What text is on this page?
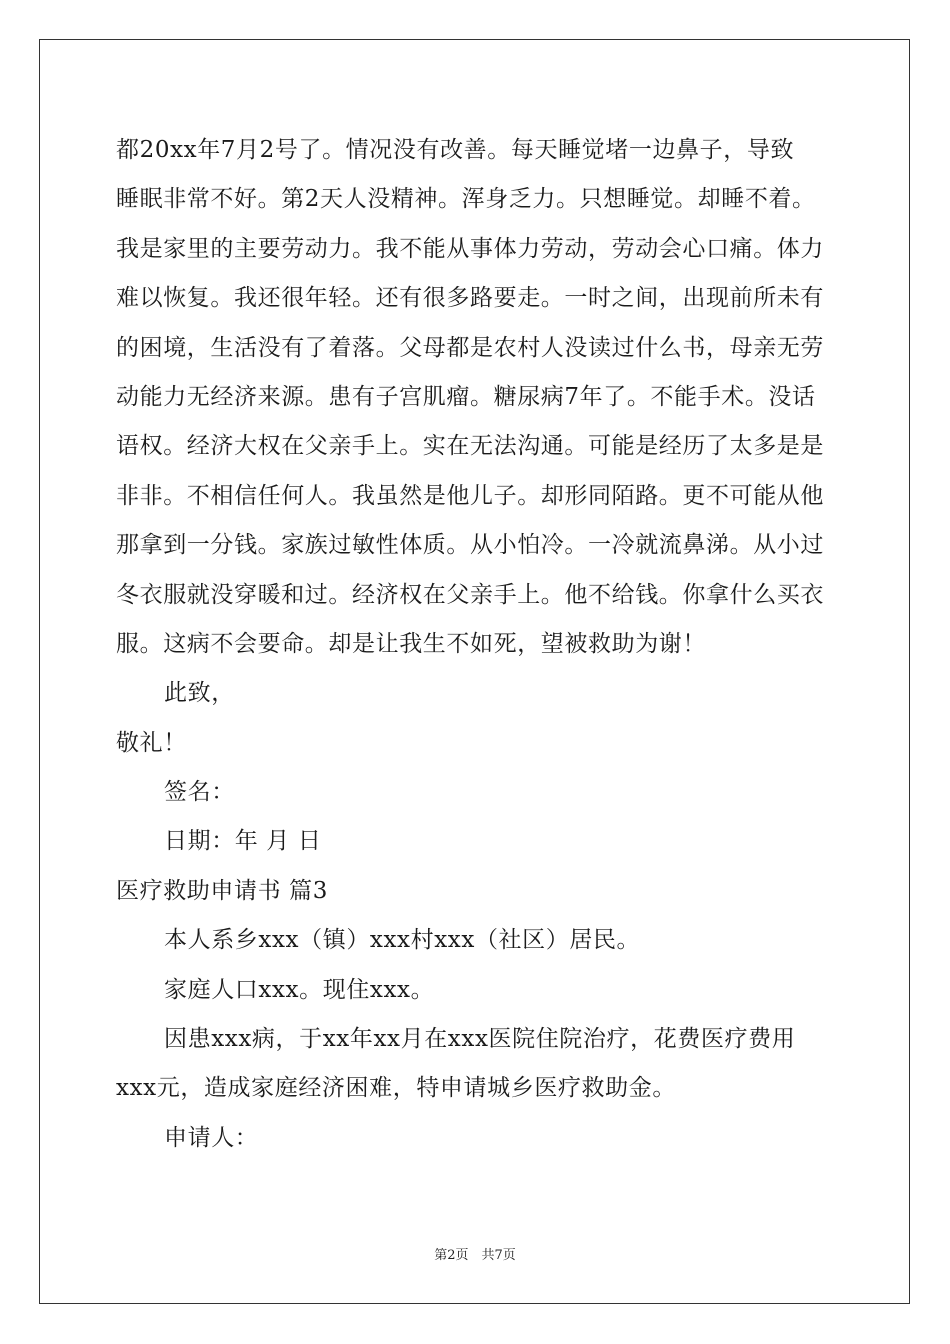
都20xx年7月2号了。情况没有改善。每天睡觉堵一边鼻子，导致
睡眠非常不好。第2天人没精神。浑身乏力。只想睡觉。却睡不着。
我是家里的主要劳动力。我不能从事体力劳动，劳动会心口痛。体力
难以恢复。我还很年轻。还有很多路要走。一时之间，出现前所未有
的困境，生活没有了着落。父母都是农村人没读过什么书，母亲无劳
动能力无经济来源。患有子宫肌瘤。糖尿病7年了。不能手术。没话
语权。经济大权在父亲手上。实在无法沟通。可能是经历了太多是是
非非。不相信任何人。我虽然是他儿子。却形同陌路。更不可能从他
那拿到一分钱。家族过敏性体质。从小怕冷。一冷就流鼻涕。从小过
冬衣服就没穿暖和过。经济权在父亲手上。他不给钱。你拿什么买衣
服。这病不会要命。却是让我生不如死，望被救助为谢！
此致，
敬礼！
签名：
日期：年 月 日
医疗救助申请书 篇3
本人系乡xxx（镇）xxx村xxx（社区）居民。
家庭人口xxx。现住xxx。
因患xxx病，于xx年xx月在xxx医院住院治疗，花费医疗费用
xxx元，造成家庭经济困难，特申请城乡医疗救助金。
申请人：
第2页　共7页
